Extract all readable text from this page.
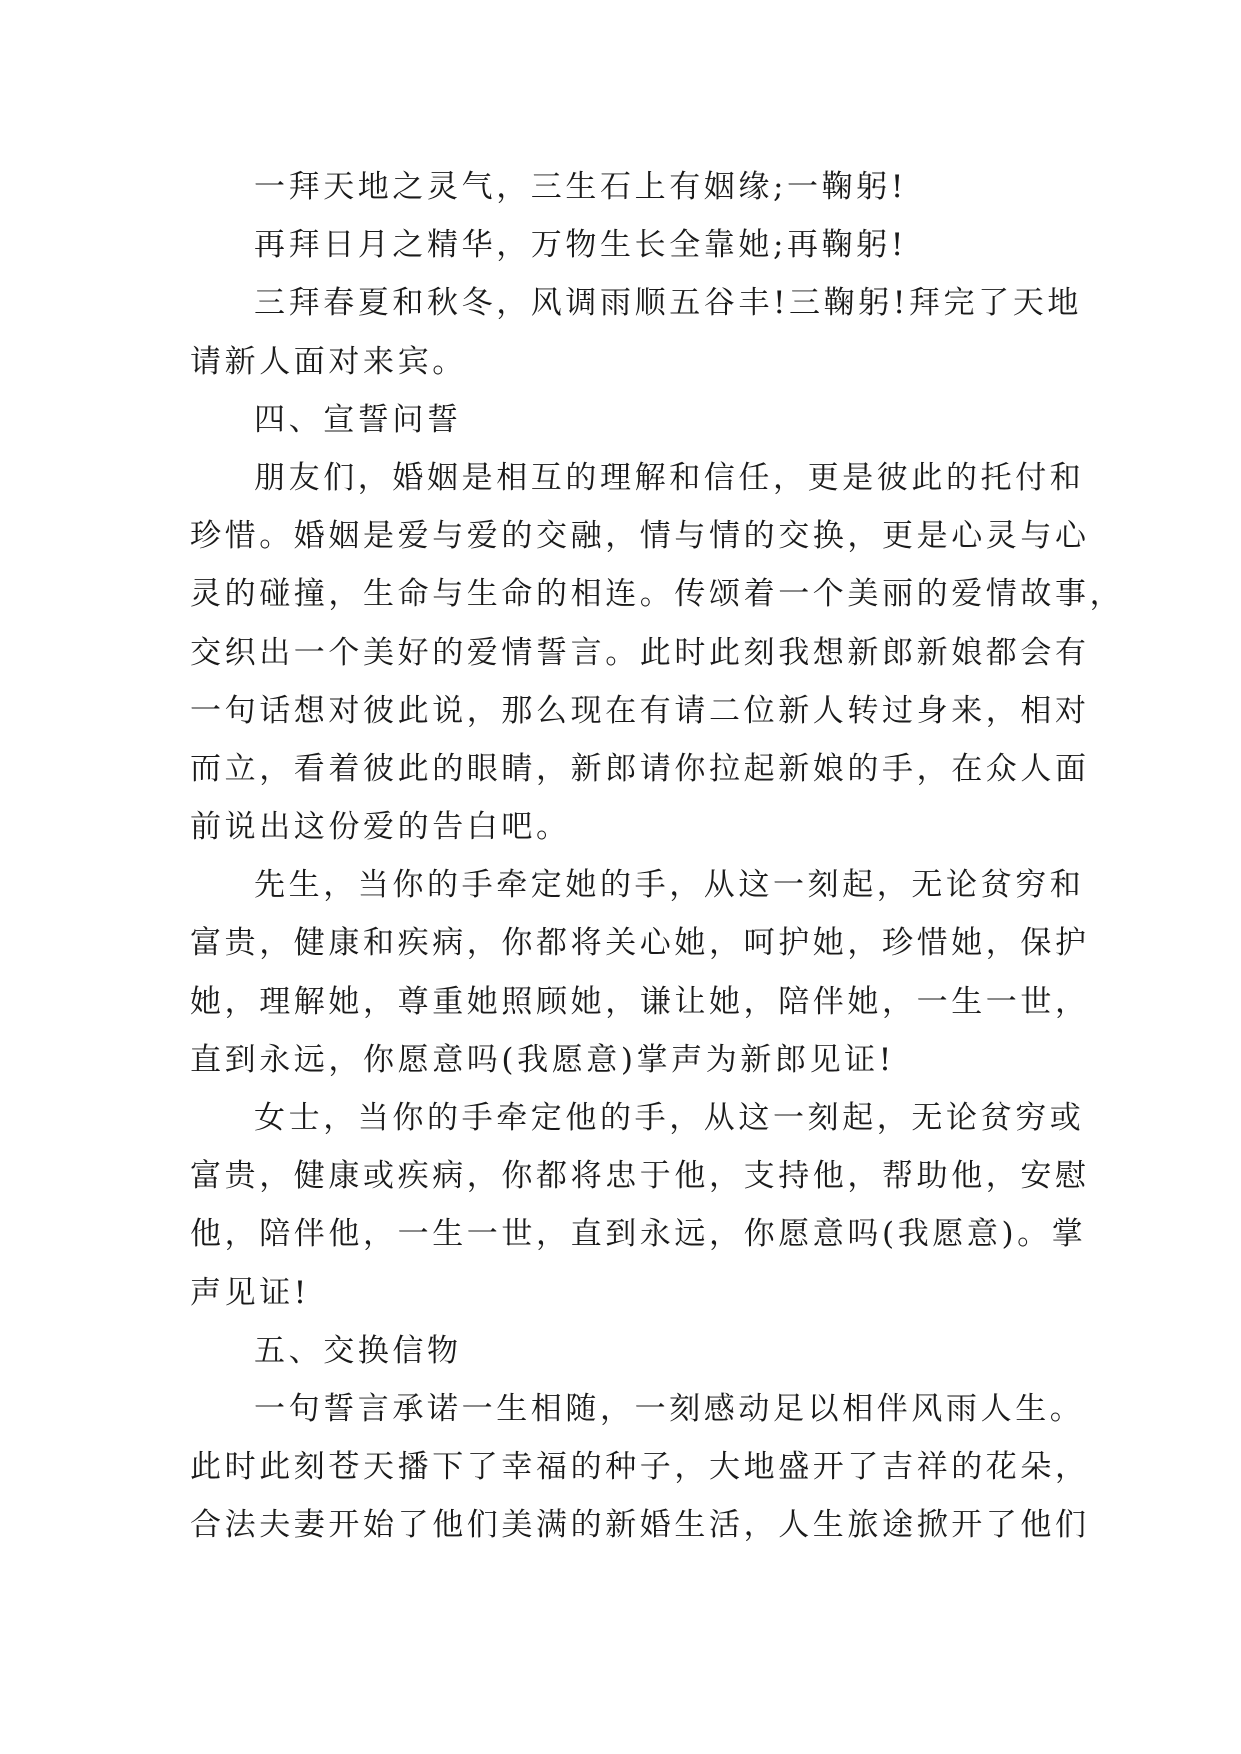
一拜天地之灵气，三生石上有姻缘;一鞠躬!
再拜日月之精华，万物生长全靠她;再鞠躬!
三拜春夏和秋冬，风调雨顺五谷丰!三鞠躬!拜完了天地
请新人面对来宾。
四、宣誓问誓
朋友们，婚姻是相互的理解和信任，更是彼此的托付和
珍惜。婚姻是爱与爱的交融，情与情的交换，更是心灵与心
灵的碰撞，生命与生命的相连。传颂着一个美丽的爱情故事，
交织出一个美好的爱情誓言。此时此刻我想新郎新娘都会有
一句话想对彼此说，那么现在有请二位新人转过身来，相对
而立，看着彼此的眼睛，新郎请你拉起新娘的手，在众人面
前说出这份爱的告白吧。
先生，当你的手牵定她的手，从这一刻起，无论贫穷和
富贵，健康和疾病，你都将关心她，呵护她，珍惜她，保护
她，理解她，尊重她照顾她，谦让她，陪伴她，一生一世，
直到永远，你愿意吗(我愿意)掌声为新郎见证!
女士，当你的手牵定他的手，从这一刻起，无论贫穷或
富贵，健康或疾病，你都将忠于他，支持他，帮助他，安慰
他，陪伴他，一生一世，直到永远，你愿意吗(我愿意)。掌
声见证!
五、交换信物
一句誓言承诺一生相随，一刻感动足以相伴风雨人生。
此时此刻苍天播下了幸福的种子，大地盛开了吉祥的花朵，
合法夫妻开始了他们美满的新婚生活，人生旅途掀开了他们
